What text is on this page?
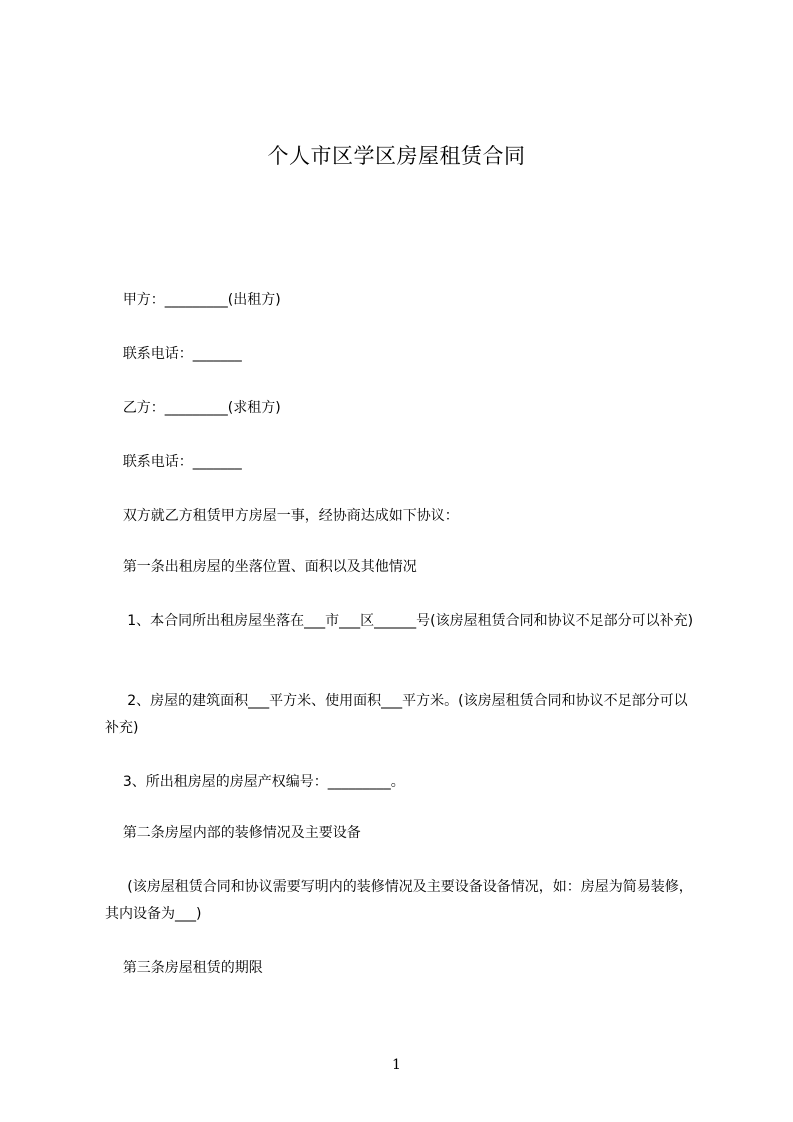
个人市区学区房屋租赁合同
甲方：_________(出租方)
联系电话：_______
乙方：_________(求租方)
联系电话：_______
双方就乙方租赁甲方房屋一事，经协商达成如下协议：
第一条出租房屋的坐落位置、面积以及其他情况
1、本合同所出租房屋坐落在___市___区______号(该房屋租赁合同和协议不足部分可以补充)
2、房屋的建筑面积___平方米、使用面积___平方米。(该房屋租赁合同和协议不足部分可以补充)
3、所出租房屋的房屋产权编号：_________。
第二条房屋内部的装修情况及主要设备
(该房屋租赁合同和协议需要写明内的装修情况及主要设备设备情况，如：房屋为简易装修，其内设备为___)
第三条房屋租赁的期限
1
